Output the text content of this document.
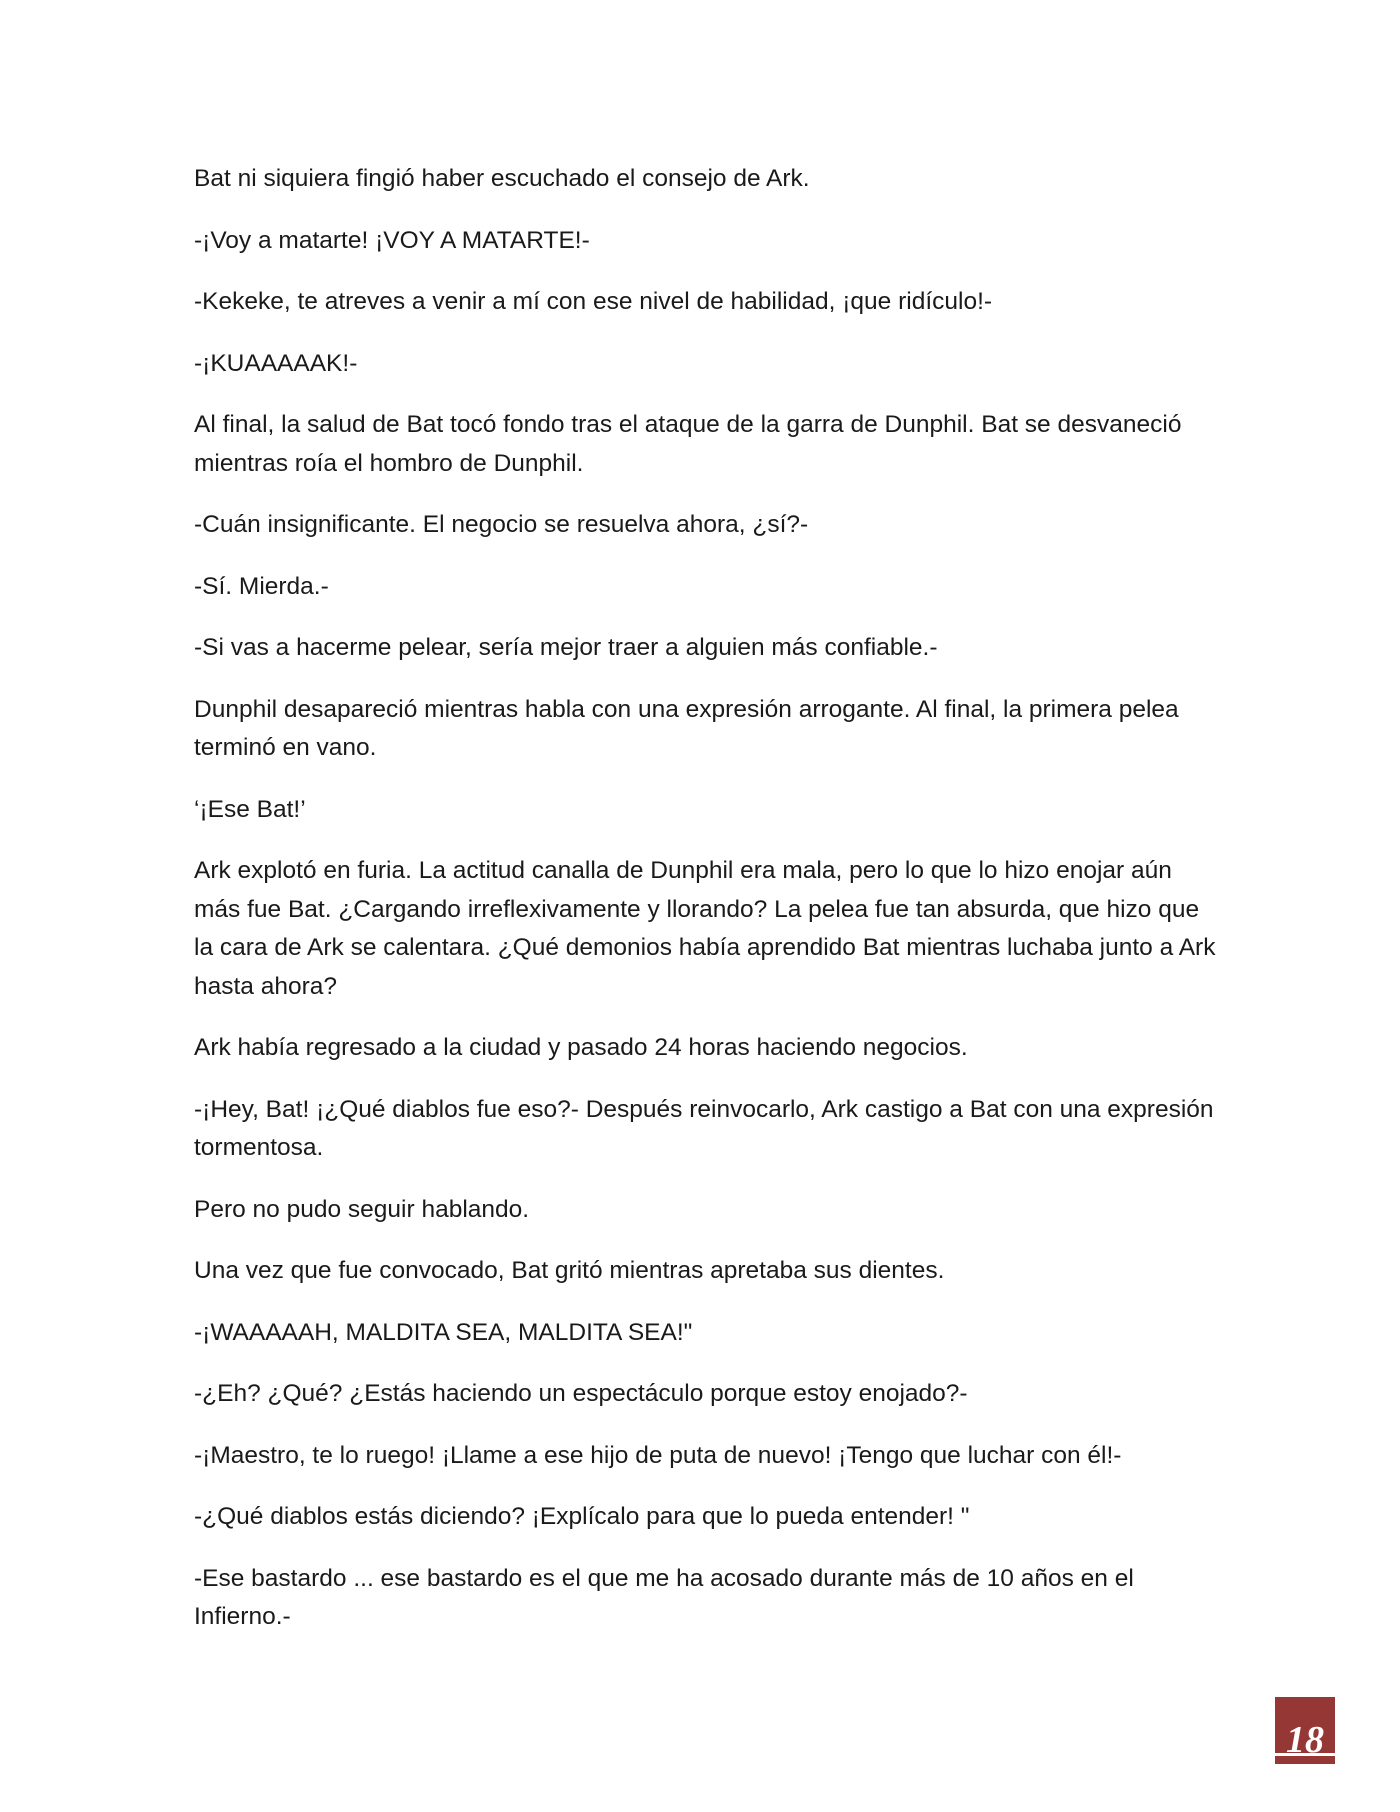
Bat ni siquiera fingió haber escuchado el consejo de Ark.

-¡Voy a matarte! ¡VOY A MATARTE!-

-Kekeke, te atreves a venir a mí con ese nivel de habilidad, ¡que ridículo!-

-¡KUAAAAAK!-

Al final, la salud de Bat tocó fondo tras el ataque de la garra de Dunphil. Bat se desvaneció mientras roía el hombro de Dunphil.

-Cuán insignificante. El negocio se resuelva ahora, ¿sí?-

-Sí. Mierda.-

-Si vas a hacerme pelear, sería mejor traer a alguien más confiable.-

Dunphil desapareció mientras habla con una expresión arrogante. Al final, la primera pelea terminó en vano.

‘¡Ese Bat!’

Ark explotó en furia. La actitud canalla de Dunphil era mala, pero lo que lo hizo enojar aún más fue Bat. ¿Cargando irreflexivamente y llorando? La pelea fue tan absurda, que hizo que la cara de Ark se calentara. ¿Qué demonios había aprendido Bat mientras luchaba junto a Ark hasta ahora?

Ark había regresado a la ciudad y pasado 24 horas haciendo negocios.

-¡Hey, Bat! ¡¿Qué diablos fue eso?- Después reinvocarlo, Ark castigo a Bat con una expresión tormentosa.

Pero no pudo seguir hablando.

Una vez que fue convocado, Bat gritó mientras apretaba sus dientes.

-¡WAAAAAH, MALDITA SEA, MALDITA SEA!"

-¿Eh? ¿Qué? ¿Estás haciendo un espectáculo porque estoy enojado?-

-¡Maestro, te lo ruego! ¡Llame a ese hijo de puta de nuevo! ¡Tengo que luchar con él!-

-¿Qué diablos estás diciendo? ¡Explícalo para que lo pueda entender! "

-Ese bastardo ... ese bastardo es el que me ha acosado durante más de 10 años en el Infierno.-

18
